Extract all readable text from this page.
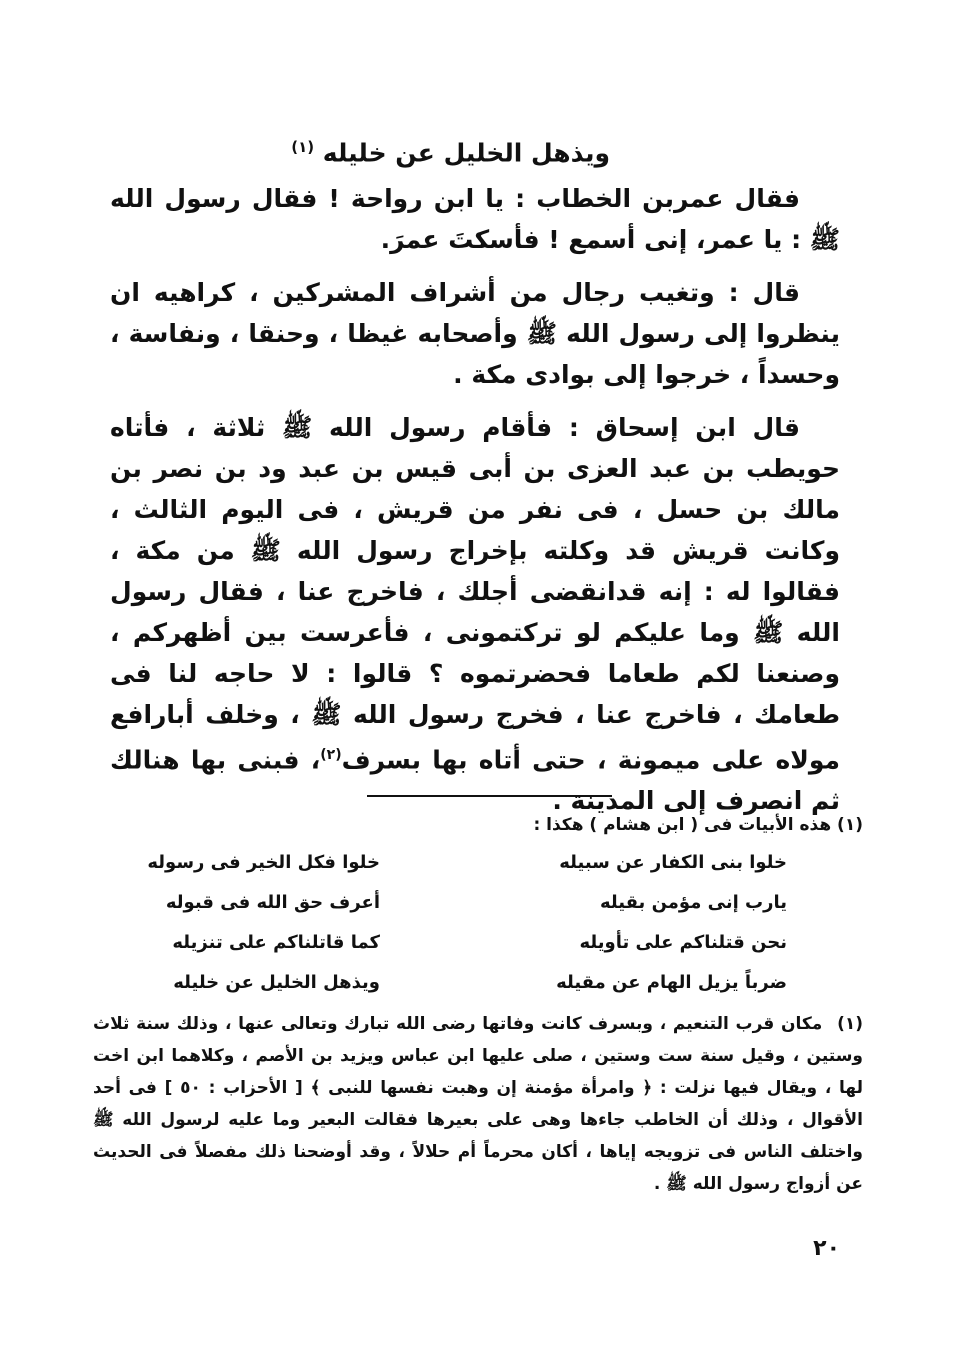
ويذهل الخليل عن خليله $^{(١)}$

فقال عمربن الخطاب : يا ابن رواحة ! فقال رسول الله ﷺ : يا عمر، إنى أسمع ! فأسكتَ عمرَ.

قال : وتغيب رجال من أشراف المشركين ، كراهيه ان ينظروا إلى رسول الله ﷺ وأصحابه غيظا ، وحنقا ، ونفاسة ، وحسداً ، خرجوا إلى بوادى مكة .

قال ابن إسحاق : فأقام رسول الله ﷺ ثلاثة ، فأتاه حويطب بن عبد العزى بن أبى قيس بن عبد ود بن نصر بن مالك بن حسل ، فى نفر من قريش ، فى اليوم الثالث ، وكانت قريش قد وكلته بإخراج رسول الله ﷺ من مكة ، فقالوا له : إنه قدانقضى أجلك ، فاخرج عنا ، فقال رسول الله ﷺ وما عليكم لو تركتمونى ، فأعرست بين أظهركم ، وصنعنا لكم طعاما فحضرتموه ؟ قالوا : لا حاجه لنا فى طعامك ، فاخرج عنا ، فخرج رسول الله ﷺ ، وخلف أبارافع مولاه على ميمونة ، حتى أتاه بها بسرف$^{(٢)}$، فبنى بها هنالك ثم انصرف إلى المدينة .

(١) هذه الأبيات فى ( ابن هشام ) هكذا :
خلوا بنى الكفار عن سبيله
خلوا فكل الخير فى رسوله
يارب إنى مؤمن بقيله
أعرف حق الله فى قبوله
نحن قتلناكم على تأويله
كما قاتلناكم على تنزيله
ضرباً يزيل الهام عن مقيله
ويذهل الخليل عن خليله
(١) مكان قرب التنعيم ، وبسرف كانت وفاتها رضى الله تبارك وتعالى عنها ، وذلك سنة ثلاث وستين ، وقيل سنة ست وستين ، صلى عليها ابن عباس ويزيد بن الأصم ، وكلاهما ابن اخت لها ، ويقال فيها نزلت : ﴿ وامرأة مؤمنة إن وهبت نفسها للنبى ﴾ [ الأحزاب : ٥٠ ] فى أحد الأقوال ، وذلك أن الخاطب جاءها وهى على بعيرها فقالت البعير وما عليه لرسول الله ﷺ واختلف الناس فى تزويجه إياها ، أكان محرماً أم حلالاً ، وقد أوضحنا ذلك مفصلاً فى الحديث عن أزواج رسول الله ﷺ .
٢٠
